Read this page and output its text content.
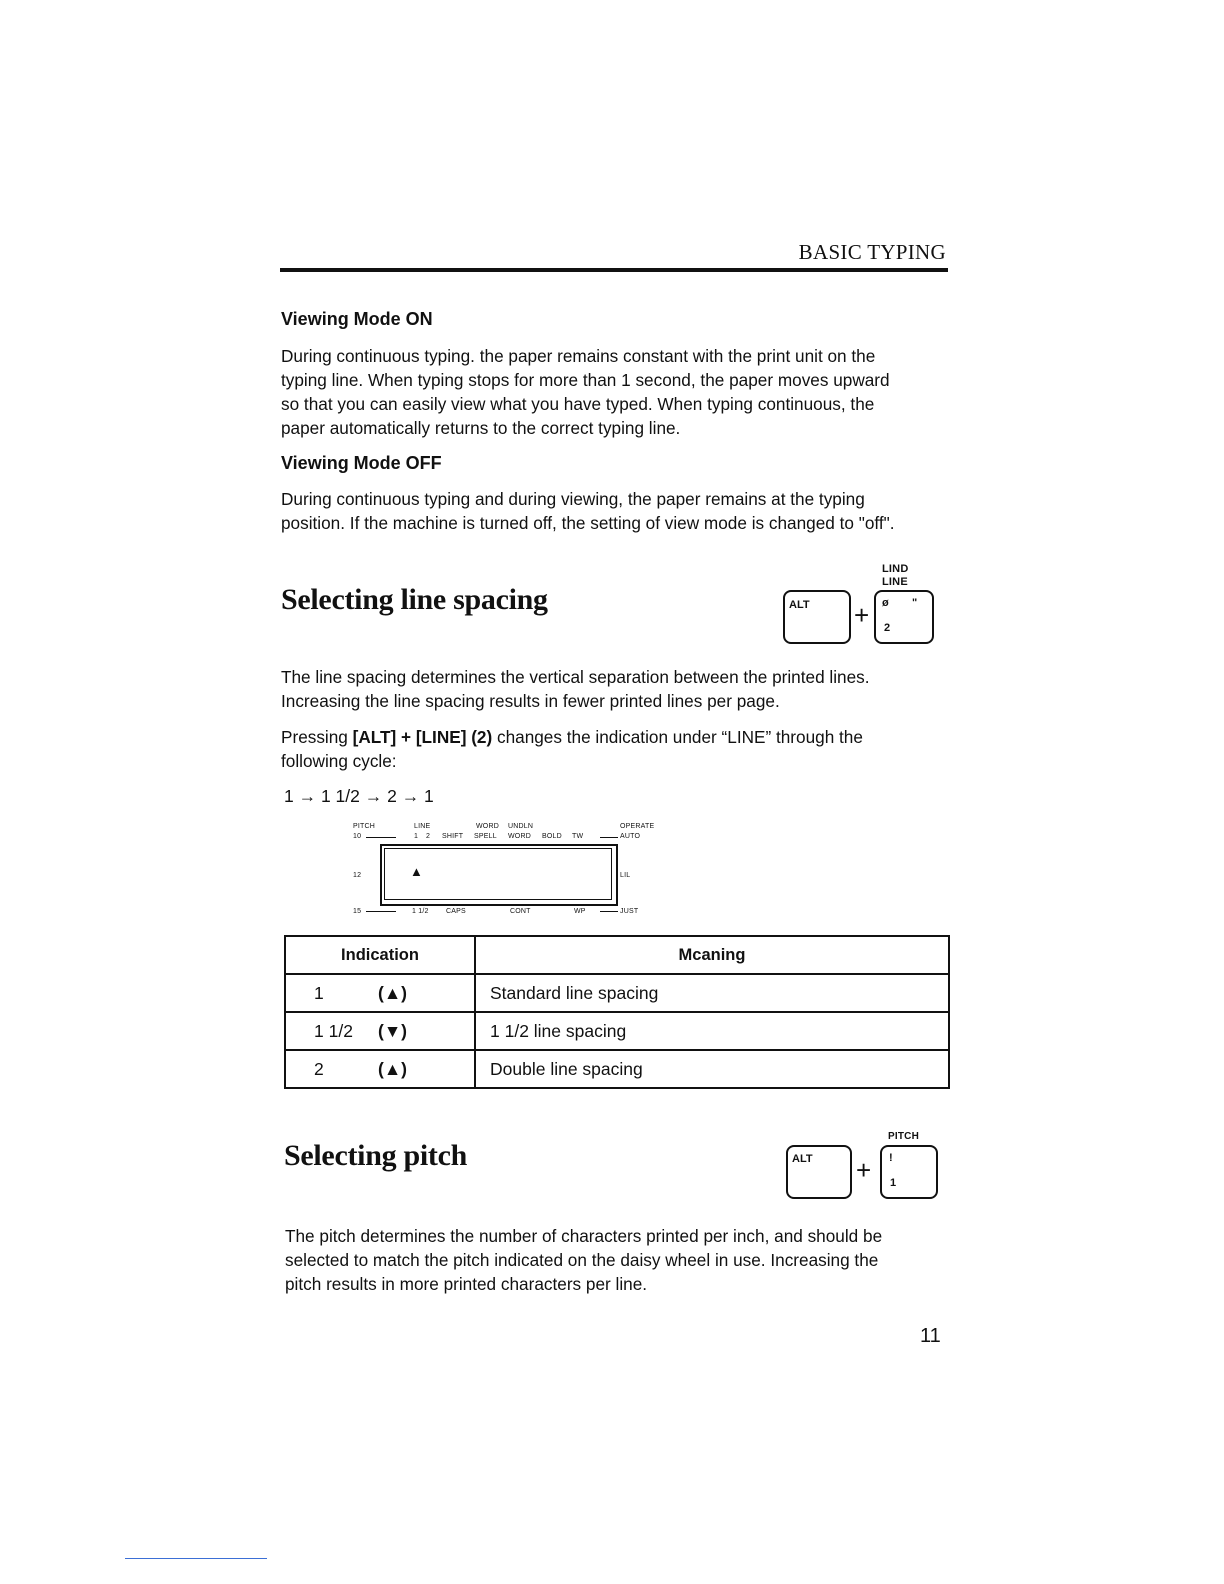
BASIC TYPING
Viewing Mode ON
During continuous typing. the paper remains constant with the print unit on the
typing line. When typing stops for more than 1 second, the paper moves upward
so that you can easily view what you have typed. When typing continuous, the
paper automatically returns to the correct typing line.
Viewing Mode OFF
During continuous typing and during viewing, the paper remains at the typing
position. If the machine is turned off, the setting of view mode is changed to "off".
Selecting line spacing
LIND
LINE
ALT + ø "
2
The line spacing determines the vertical separation between the printed lines.
Increasing the line spacing results in fewer printed lines per page.
Pressing [ALT] + [LINE] (2) changes the indication under “LINE” through the
following cycle:
1 → 1 1/2 → 2 → 1
PITCH
10
12
15
LINE
1 2
1 1/2
SHIFT
CAPS
WORD
SPELL
UNDLN
WORD
CONT
BOLD TW
WP
OPERATE
AUTO
LIL
JUST
▲
Indication	Mcaning
1 (▲)	Standard line spacing
1 1/2 (▼)	1 1/2 line spacing
2 (▲)	Double line spacing
Selecting pitch
PITCH
ALT + !
1
The pitch determines the number of characters printed per inch, and should be
selected to match the pitch indicated on the daisy wheel in use. Increasing the
pitch results in more printed characters per line.
11
